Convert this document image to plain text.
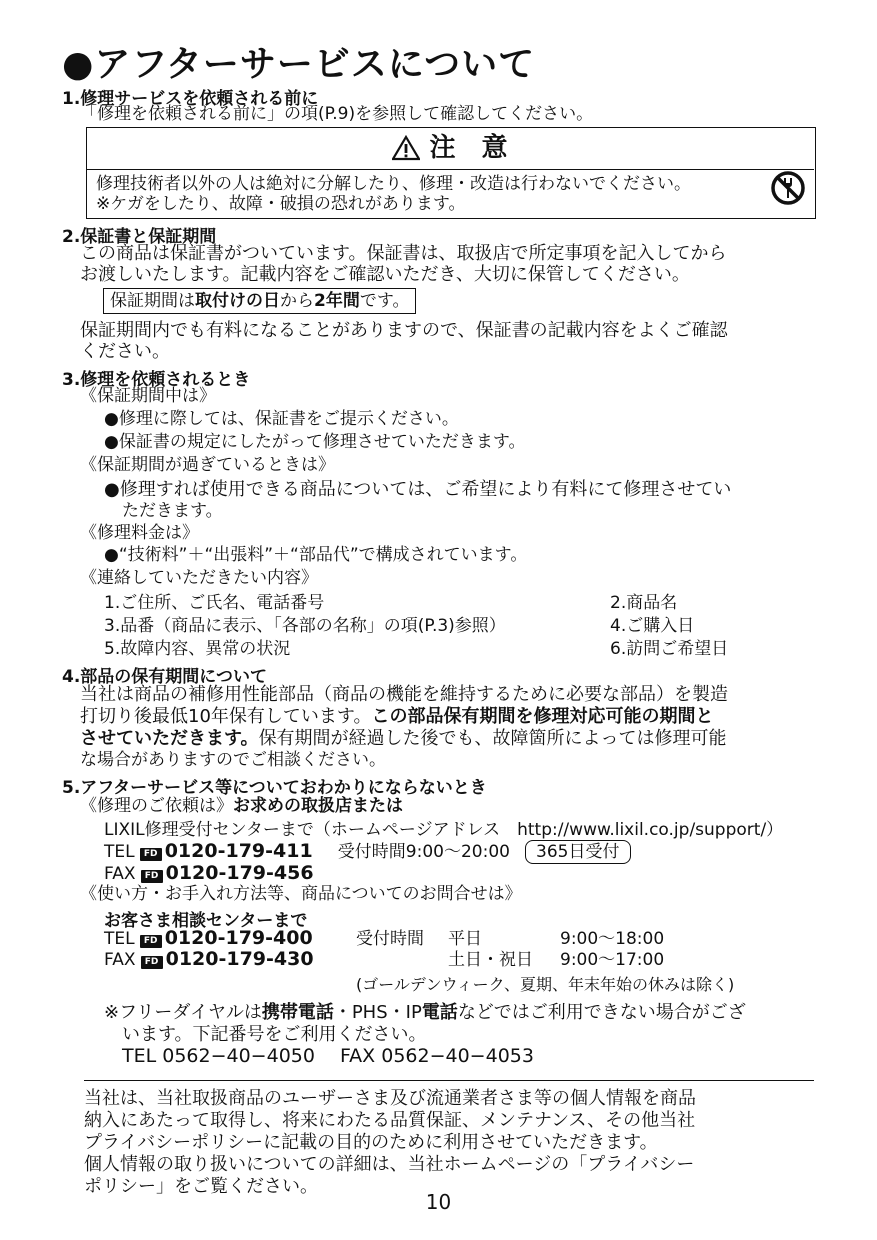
●アフターサービスについて
1.修理サービスを依頼される前に
「修理を依頼される前に」の項(P.9)を参照して確認してください。
注　意
修理技術者以外の人は絶対に分解したり、修理・改造は行わないでください。
※ケガをしたり、故障・破損の恐れがあります。
2.保証書と保証期間
この商品は保証書がついています。保証書は、取扱店で所定事項を記入してから
お渡しいたします。記載内容をご確認いただき、大切に保管してください。
保証期間は取付けの日から2年間です。
保証期間内でも有料になることがありますので、保証書の記載内容をよくご確認
ください。
3.修理を依頼されるとき
《保証期間中は》
●修理に際しては、保証書をご提示ください。
●保証書の規定にしたがって修理させていただきます。
《保証期間が過ぎているときは》
●修理すれば使用できる商品については、ご希望により有料にて修理させてい
ただきます。
《修理料金は》
●“技術料”＋“出張料”＋“部品代”で構成されています。
《連絡していただきたい内容》
1.ご住所、ご氏名、電話番号	2.商品名
3.品番（商品に表示、「各部の名称」の項(P.3)参照）	4.ご購入日
5.故障内容、異常の状況	6.訪問ご希望日
4.部品の保有期間について
当社は商品の補修用性能部品（商品の機能を維持するために必要な部品）を製造
打切り後最低10年保有しています。この部品保有期間を修理対応可能の期間と
させていただきます。保有期間が経過した後でも、故障箇所によっては修理可能
な場合がありますのでご相談ください。
5.アフターサービス等についておわかりにならないとき
《修理のご依頼は》お求めの取扱店または
LIXIL修理受付センターまで（ホームページアドレス　http://www.lixil.co.jp/support/）
TEL FD 0120-179-411 受付時間9:00～20:00 365日受付
FAX FD 0120-179-456
《使い方・お手入れ方法等、商品についてのお問合せは》
お客さま相談センターまで
TEL FD 0120-179-400	受付時間 平日	9:00～18:00
FAX FD 0120-179-430	土日・祝日 9:00～17:00
(ゴールデンウィーク、夏期、年末年始の休みは除く)
※フリーダイヤルは携帯電話・PHS・IP電話などではご利用できない場合がござ
います。下記番号をご利用ください。
TEL 0562−40−4050　 FAX 0562−40−4053
当社は、当社取扱商品のユーザーさま及び流通業者さま等の個人情報を商品
納入にあたって取得し、将来にわたる品質保証、メンテナンス、その他当社
プライバシーポリシーに記載の目的のために利用させていただきます。
個人情報の取り扱いについての詳細は、当社ホームページの「プライバシー
ポリシー」をご覧ください。
10
